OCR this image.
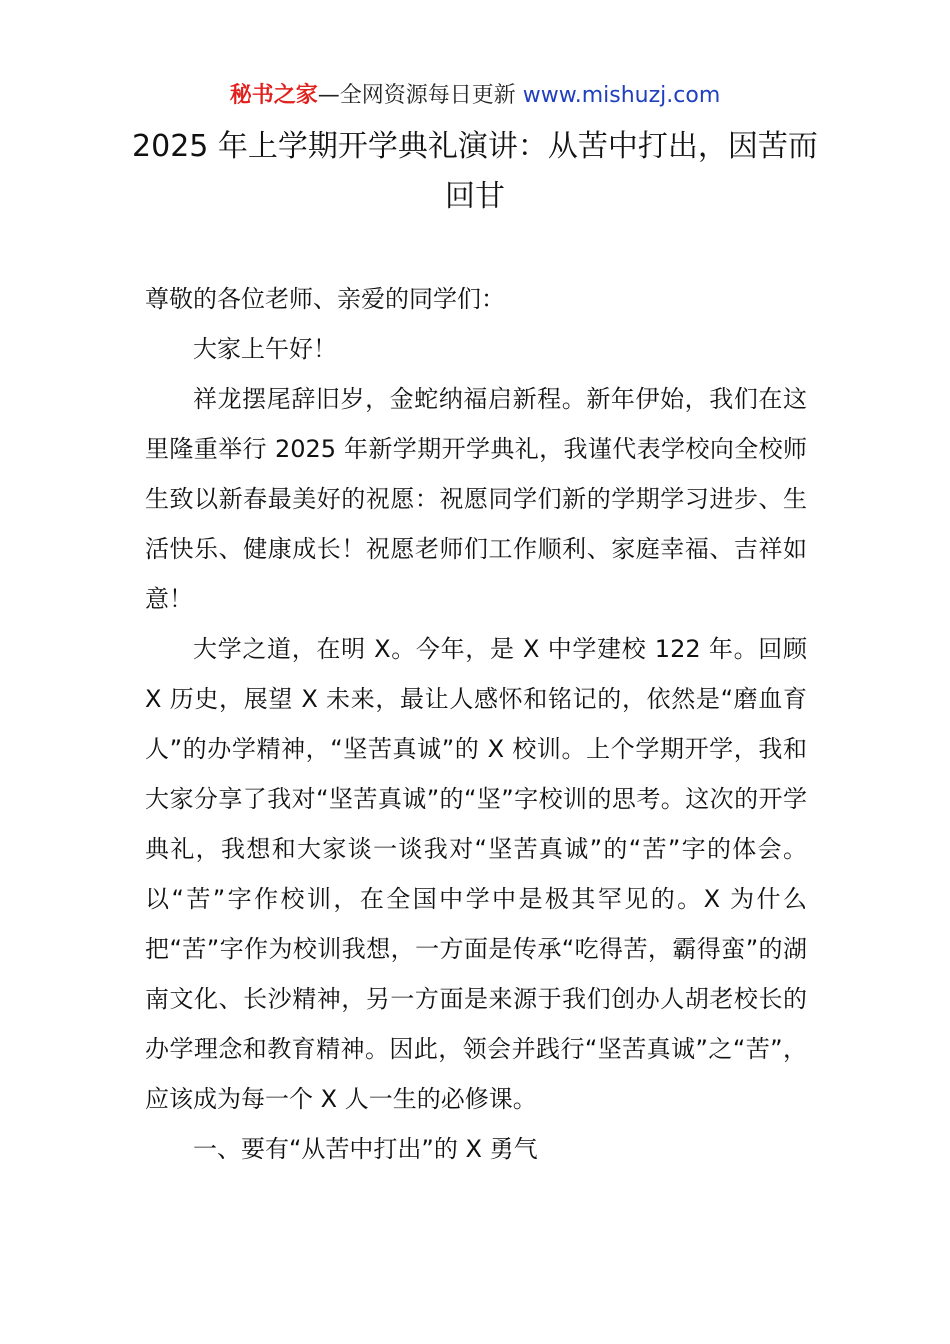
秘书之家—全网资源每日更新 www.mishuzj.com
2025 年上学期开学典礼演讲：从苦中打出，因苦而回甘

尊敬的各位老师、亲爱的同学们：

大家上午好！

祥龙摆尾辞旧岁，金蛇纳福启新程。新年伊始，我们在这里隆重举行 2025 年新学期开学典礼，我谨代表学校向全校师生致以新春最美好的祝愿：祝愿同学们新的学期学习进步、生活快乐、健康成长！祝愿老师们工作顺利、家庭幸福、吉祥如意！

大学之道，在明 X。今年，是 X 中学建校 122 年。回顾 X 历史，展望 X 未来，最让人感怀和铭记的，依然是“磨血育人”的办学精神，“坚苦真诚”的 X 校训。上个学期开学，我和大家分享了我对“坚苦真诚”的“坚”字校训的思考。这次的开学典礼，我想和大家谈一谈我对“坚苦真诚”的“苦”字的体会。以“苦”字作校训，在全国中学中是极其罕见的。X 为什么把“苦”字作为校训我想，一方面是传承“吃得苦，霸得蛮”的湖南文化、长沙精神，另一方面是来源于我们创办人胡老校长的办学理念和教育精神。因此，领会并践行“坚苦真诚”之“苦”，应该成为每一个 X 人一生的必修课。

一、要有“从苦中打出”的 X 勇气
